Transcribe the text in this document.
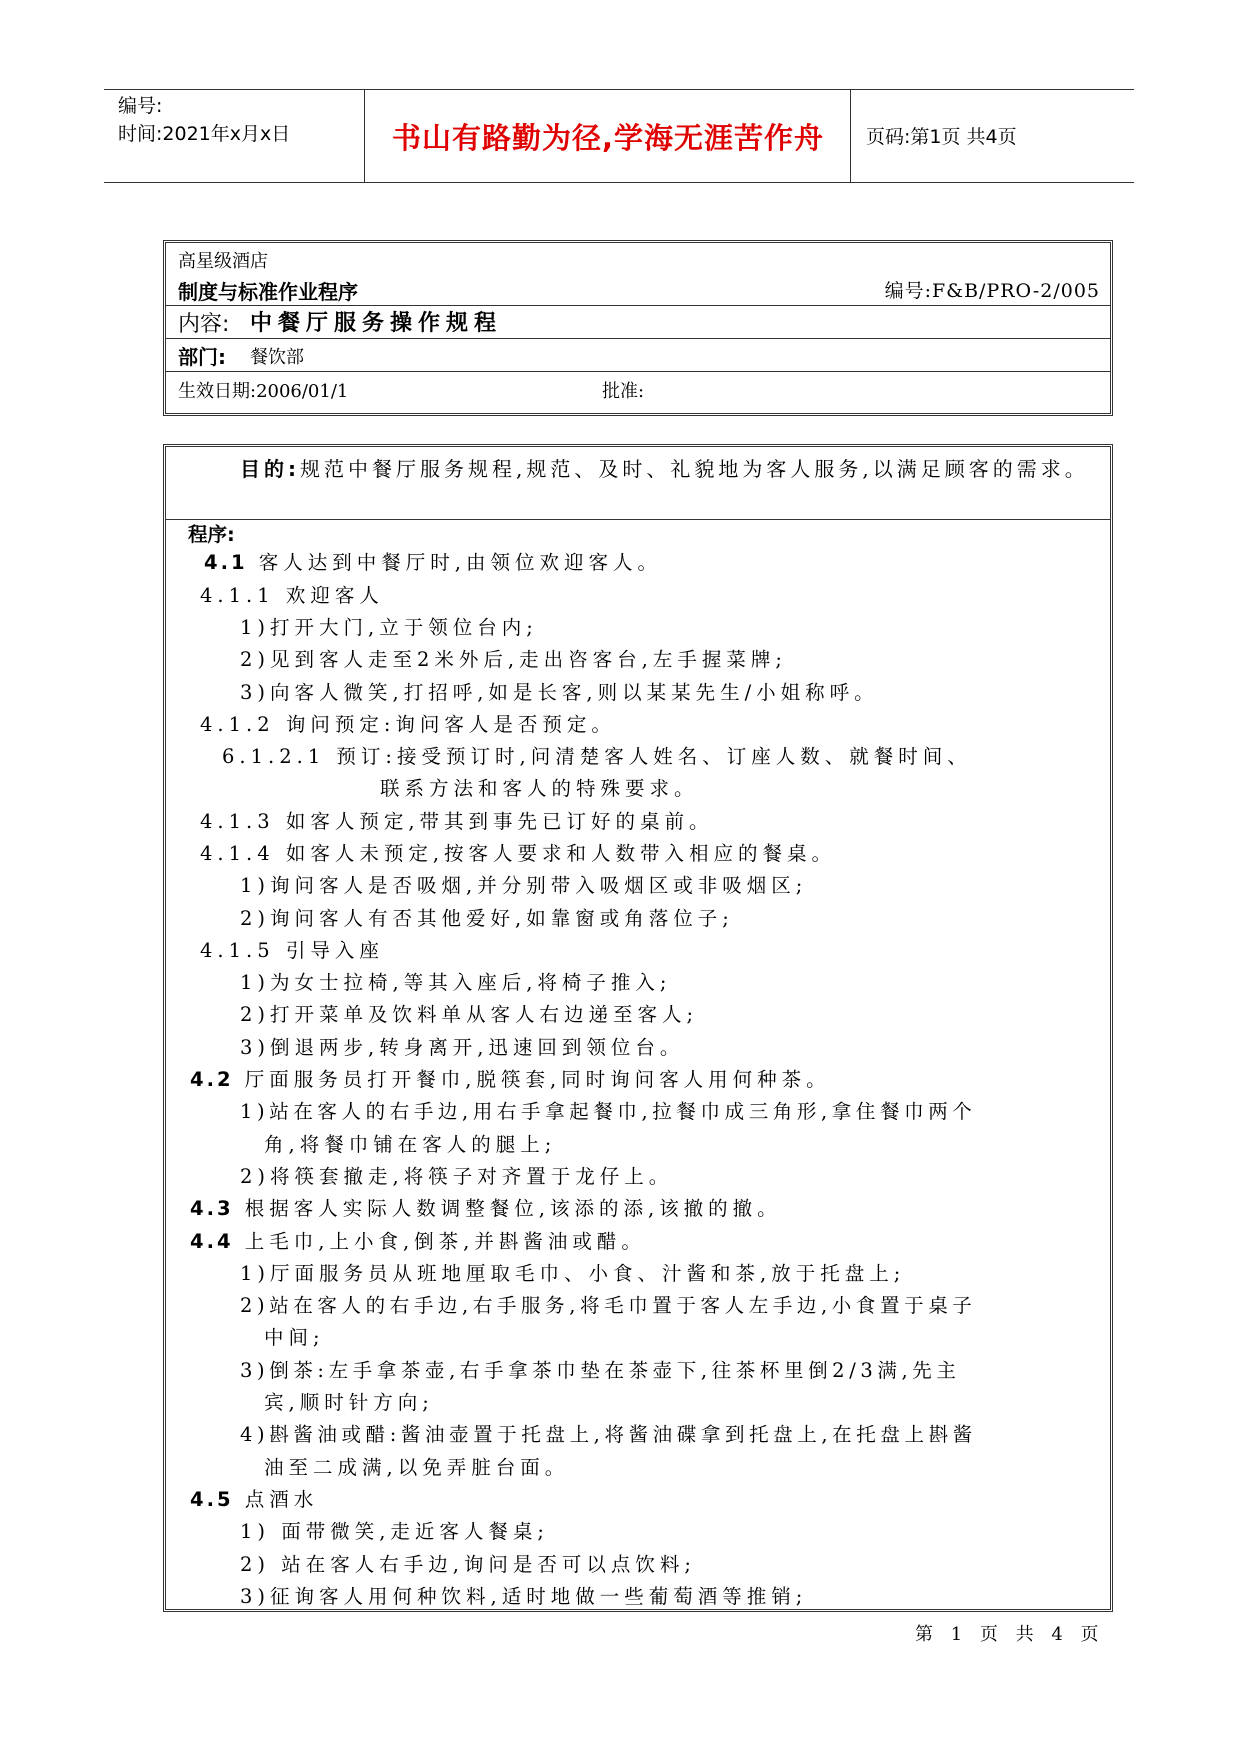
编号:
时间:2021年x月x日	书山有路勤为径,学海无涯苦作舟	页码:第1页 共4页
高星级酒店
制度与标准作业程序	编号:F&B/PRO-2/005
内容: 中餐厅服务操作规程
部门: 餐饮部
生效日期:2006/01/1	批准:
目的:规范中餐厅服务规程,规范、及时、礼貌地为客人服务,以满足顾客的需求。
程序:
4.1 客人达到中餐厅时,由领位欢迎客人。
4.1.1 欢迎客人
1)打开大门,立于领位台内;
2)见到客人走至2米外后,走出咨客台,左手握菜牌;
3)向客人微笑,打招呼,如是长客,则以某某先生/小姐称呼。
4.1.2 询问预定:询问客人是否预定。
6.1.2.1 预订:接受预订时,问清楚客人姓名、订座人数、就餐时间、
联系方法和客人的特殊要求。
4.1.3 如客人预定,带其到事先已订好的桌前。
4.1.4 如客人未预定,按客人要求和人数带入相应的餐桌。
1)询问客人是否吸烟,并分别带入吸烟区或非吸烟区;
2)询问客人有否其他爱好,如靠窗或角落位子;
4.1.5 引导入座
1)为女士拉椅,等其入座后,将椅子推入;
2)打开菜单及饮料单从客人右边递至客人;
3)倒退两步,转身离开,迅速回到领位台。
4.2 厅面服务员打开餐巾,脱筷套,同时询问客人用何种茶。
1)站在客人的右手边,用右手拿起餐巾,拉餐巾成三角形,拿住餐巾两个
角,将餐巾铺在客人的腿上;
2)将筷套撤走,将筷子对齐置于龙仔上。
4.3 根据客人实际人数调整餐位,该添的添,该撤的撤。
4.4 上毛巾,上小食,倒茶,并斟酱油或醋。
1)厅面服务员从班地厘取毛巾、小食、汁酱和茶,放于托盘上;
2)站在客人的右手边,右手服务,将毛巾置于客人左手边,小食置于桌子
中间;
3)倒茶:左手拿茶壶,右手拿茶巾垫在茶壶下,往茶杯里倒2/3满,先主
宾,顺时针方向;
4)斟酱油或醋:酱油壶置于托盘上,将酱油碟拿到托盘上,在托盘上斟酱
油至二成满,以免弄脏台面。
4.5 点酒水
1) 面带微笑,走近客人餐桌;
2) 站在客人右手边,询问是否可以点饮料;
3)征询客人用何种饮料,适时地做一些葡萄酒等推销;
第 1 页 共 4 页
